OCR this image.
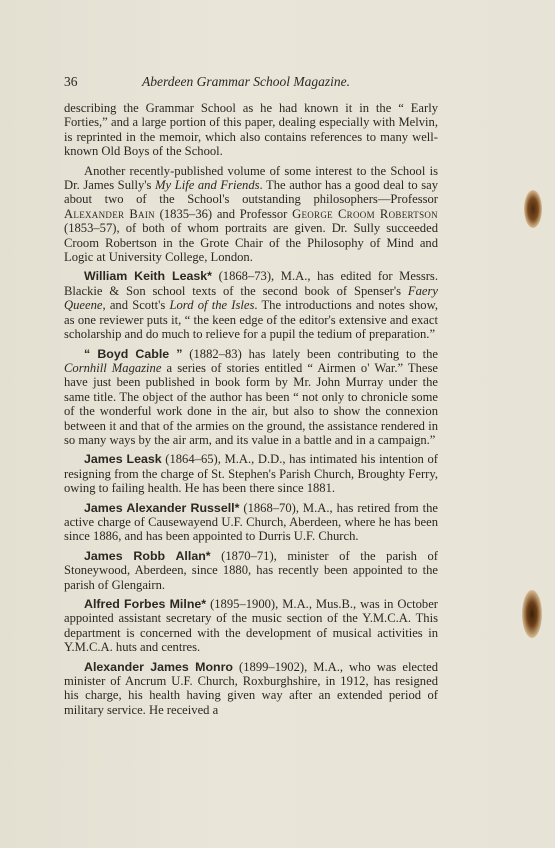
36	Aberdeen Grammar School Magazine.

describing the Grammar School as he had known it in the “ Early Forties,” and a large portion of this paper, dealing especially with Melvin, is reprinted in the memoir, which also contains references to many well-known Old Boys of the School.

Another recently-published volume of some interest to the School is Dr. James Sully's My Life and Friends. The author has a good deal to say about two of the School's outstanding philosophers—Professor Alexander Bain (1835–36) and Professor George Croom Robertson (1853–57), of both of whom portraits are given. Dr. Sully succeeded Croom Robertson in the Grote Chair of the Philosophy of Mind and Logic at University College, London.

William Keith Leask* (1868–73), M.A., has edited for Messrs. Blackie & Son school texts of the second book of Spenser's Faery Queene, and Scott's Lord of the Isles. The introductions and notes show, as one reviewer puts it, “ the keen edge of the editor's extensive and exact scholarship and do much to relieve for a pupil the tedium of preparation.”

“ Boyd Cable ” (1882–83) has lately been contributing to the Cornhill Magazine a series of stories entitled “ Airmen o' War.” These have just been published in book form by Mr. John Murray under the same title. The object of the author has been “ not only to chronicle some of the wonderful work done in the air, but also to show the connexion between it and that of the armies on the ground, the assistance rendered in so many ways by the air arm, and its value in a battle and in a campaign.”

James Leask (1864–65), M.A., D.D., has intimated his intention of resigning from the charge of St. Stephen's Parish Church, Broughty Ferry, owing to failing health. He has been there since 1881.

James Alexander Russell* (1868–70), M.A., has retired from the active charge of Causewayend U.F. Church, Aberdeen, where he has been since 1886, and has been appointed to Durris U.F. Church.

James Robb Allan* (1870–71), minister of the parish of Stoneywood, Aberdeen, since 1880, has recently been appointed to the parish of Glengairn.

Alfred Forbes Milne* (1895–1900), M.A., Mus.B., was in October appointed assistant secretary of the music section of the Y.M.C.A. This department is concerned with the development of musical activities in Y.M.C.A. huts and centres.

Alexander James Monro (1899–1902), M.A., who was elected minister of Ancrum U.F. Church, Roxburghshire, in 1912, has resigned his charge, his health having given way after an extended period of military service. He received a
